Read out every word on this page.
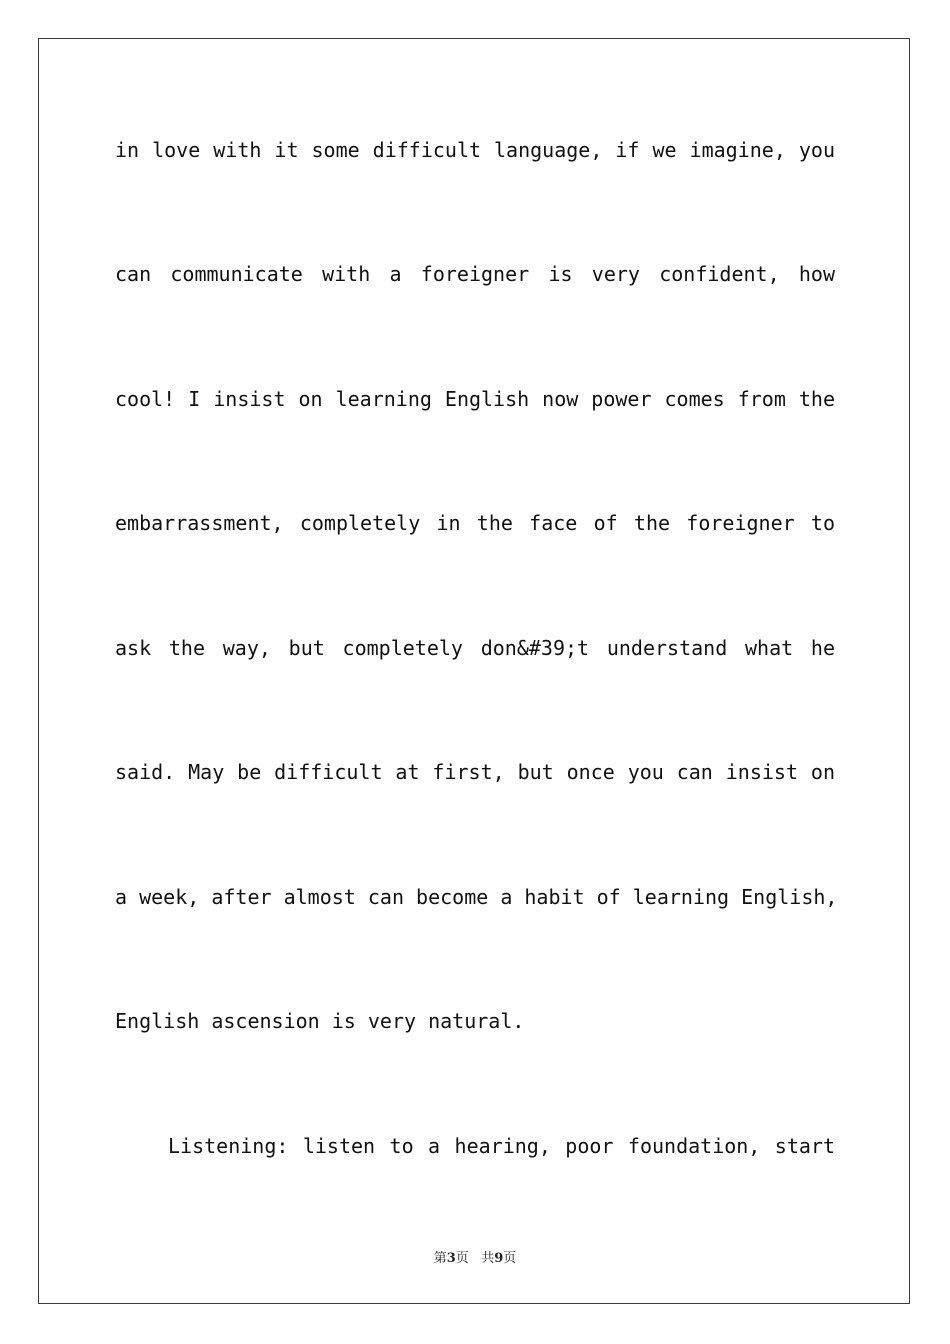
in love with it some difficult language, if we imagine, you
can communicate with a foreigner is very confident, how
cool! I insist on learning English now power comes from the
embarrassment, completely in the face of the foreigner to
ask the way, but completely don&#39;t understand what he
said. May be difficult at first, but once you can insist on
a week, after almost can become a habit of learning English,
English ascension is very natural.
Listening: listen to a hearing, poor foundation, start
第3页 共9页
